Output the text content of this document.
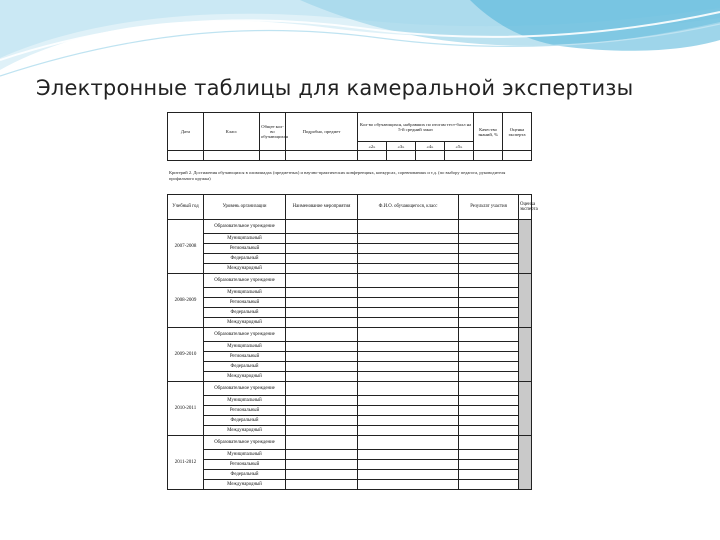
Электронные таблицы для камеральной экспертизы
Дата	Класс	Общее кол-во обучающихся	Подробно, предмет	Кол-во обучающихся, набравших по итогам тест-балл на 5-й средний заказ				Качество знаний, %	Оценка эксперта
				«2»	«3»	«4»	«5»		

Критерий 2. Достижения обучающихся в олимпиадах (предметных) и научно-практических конференциях, конкурсах, соревнованиях и т.д. (по выбору педагога, руководителя профильного кружка)
Учебный год	Уровень организации	Наименование мероприятия	Ф.И.О. обучающегося, класс	Результат участия	Оценка эксперта
2007-2008	Образовательное учреждение				
	Муниципальный				
	Региональный				
	Федеральный				
	Международный				
2008-2009	Образовательное учреждение				
	Муниципальный				
	Региональный				
	Федеральный				
	Международный				
2009-2010	Образовательное учреждение				
	Муниципальный				
	Региональный				
	Федеральный				
	Международный				
2010-2011	Образовательное учреждение				
	Муниципальный				
	Региональный				
	Федеральный				
	Международный				
2011-2012	Образовательное учреждение				
	Муниципальный				
	Региональный				
	Федеральный				
	Международный				
